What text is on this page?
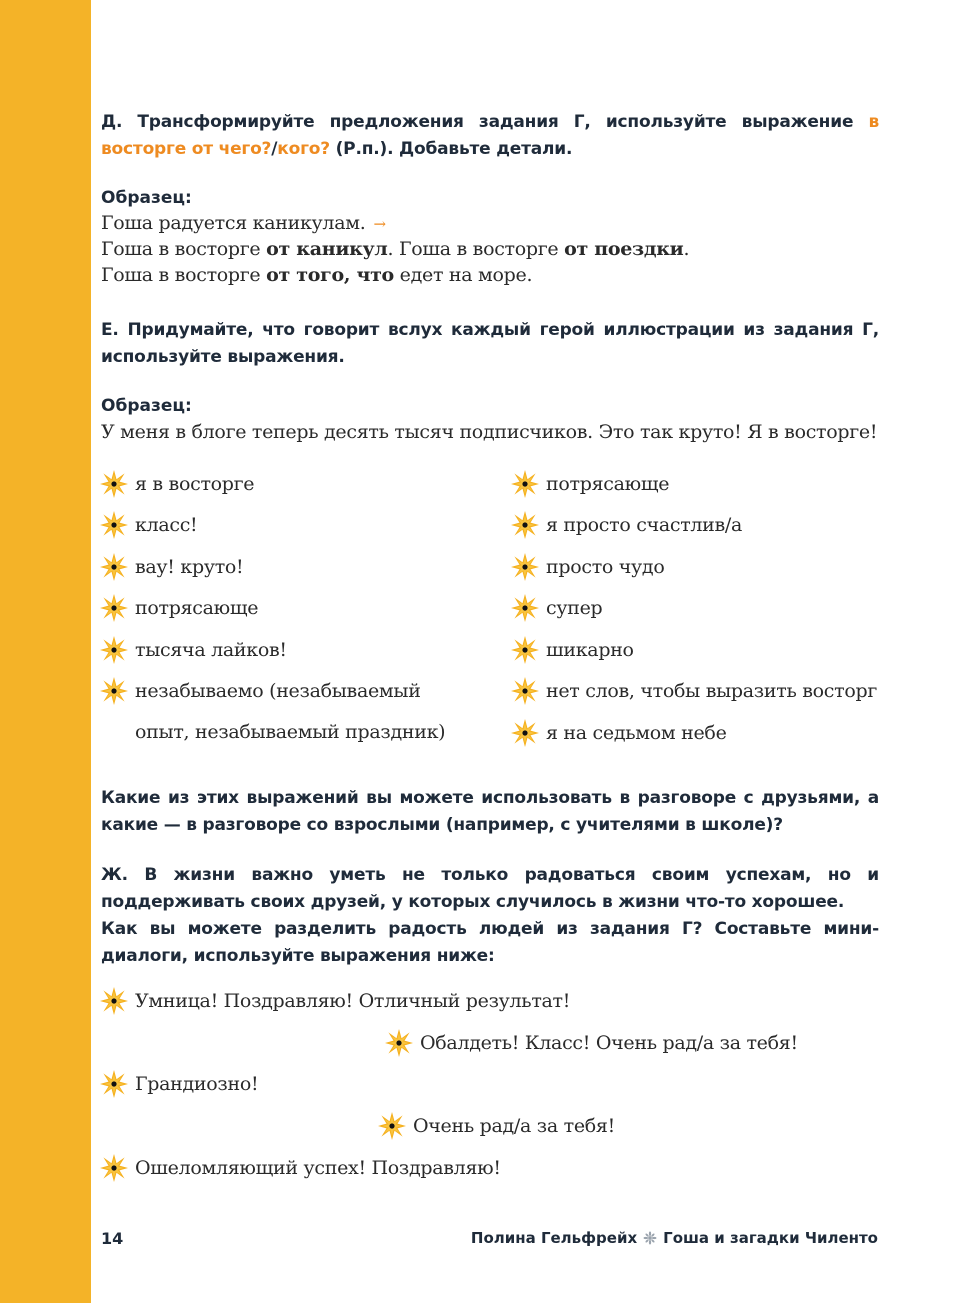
Д. Трансформируйте предложения задания Г, используйте выражение в восторге от чего?/кого? (Р.п.). Добавьте детали.

Образец:

Гоша радуется каникулам. →

Гоша в восторге от каникул. Гоша в восторге от поездки.

Гоша в восторге от того, что едет на море.

Е. Придумайте, что говорит вслух каждый герой иллюстрации из задания Г, используйте выражения.

Образец:

У меня в блоге теперь десять тысяч подписчиков. Это так круто! Я в восторге!

я в восторге
класс!
вау! круто!
потрясающе
тысяча лайков!
незабываемо (незабываемый
опыт, незабываемый праздник)
потрясающе
я просто счастлив/а
просто чудо
супер
шикарно
нет слов, чтобы выразить восторг
я на седьмом небе

Какие из этих выражений вы можете использовать в разговоре с друзьями, а какие — в разговоре со взрослыми (например, с учителями в школе)?

Ж. В жизни важно уметь не только радоваться своим успехам, но и поддерживать своих друзей, у которых случилось в жизни что-то хорошее.
Как вы можете разделить радость людей из задания Г? Составьте мини-диалоги, используйте выражения ниже:

Умница! Поздравляю! Отличный результат!
Обалдеть! Класс! Очень рад/а за тебя!
Грандиозно!
Очень рад/а за тебя!
Ошеломляющий успех! Поздравляю!
14	Полина Гельфрейх Гоша и загадки Чиленто
